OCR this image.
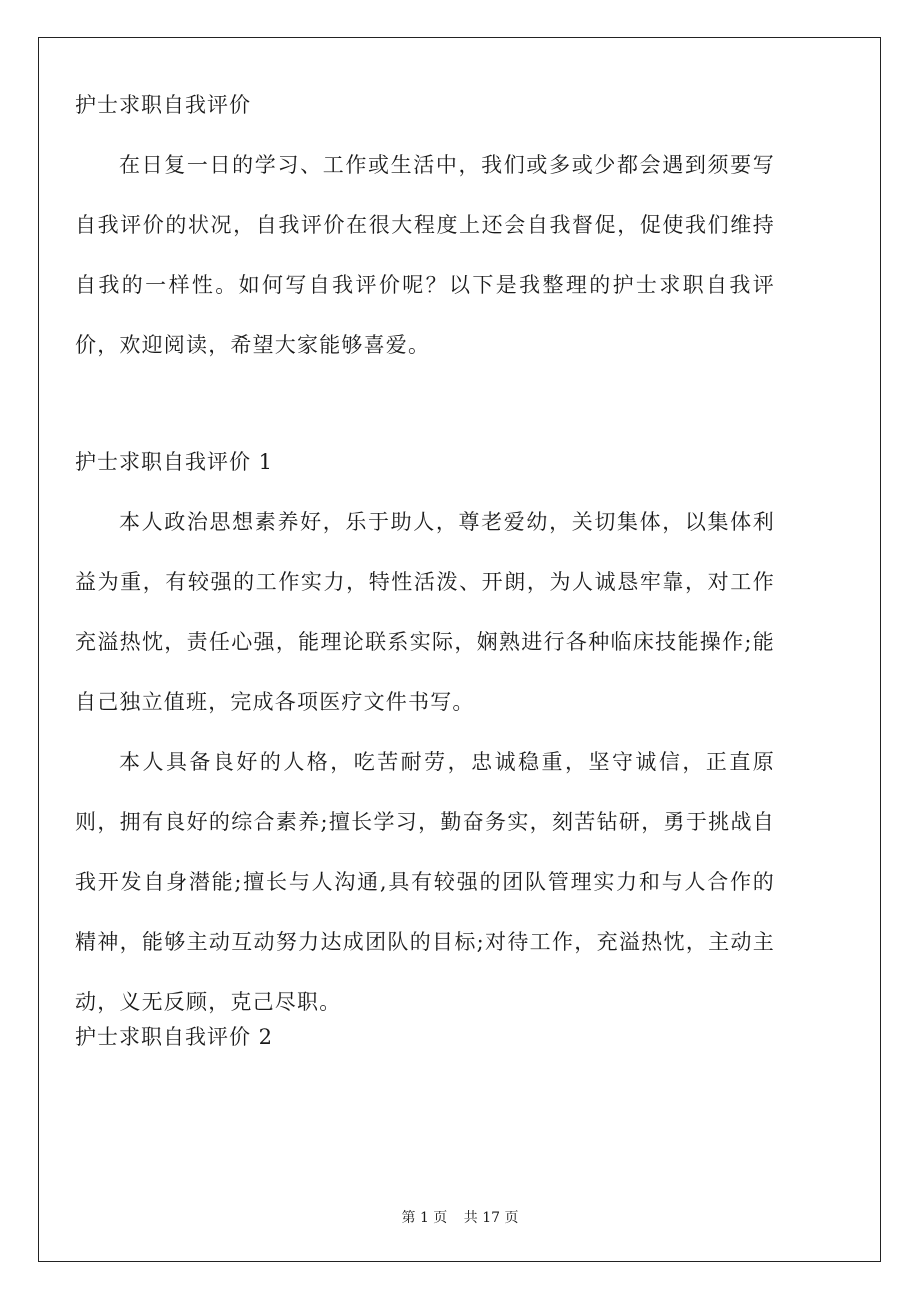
护士求职自我评价

在日复一日的学习、工作或生活中，我们或多或少都会遇到须要写自我评价的状况，自我评价在很大程度上还会自我督促，促使我们维持自我的一样性。如何写自我评价呢？以下是我整理的护士求职自我评价，欢迎阅读，希望大家能够喜爱。

护士求职自我评价 1

本人政治思想素养好，乐于助人，尊老爱幼，关切集体，以集体利益为重，有较强的工作实力，特性活泼、开朗，为人诚恳牢靠，对工作充溢热忱，责任心强，能理论联系实际，娴熟进行各种临床技能操作;能自己独立值班，完成各项医疗文件书写。

本人具备良好的人格，吃苦耐劳，忠诚稳重，坚守诚信，正直原则，拥有良好的综合素养;擅长学习，勤奋务实，刻苦钻研，勇于挑战自我开发自身潜能;擅长与人沟通,具有较强的团队管理实力和与人合作的精神，能够主动互动努力达成团队的目标;对待工作，充溢热忱，主动主动，义无反顾，克己尽职。

护士求职自我评价 2

第 1 页 共 17 页
